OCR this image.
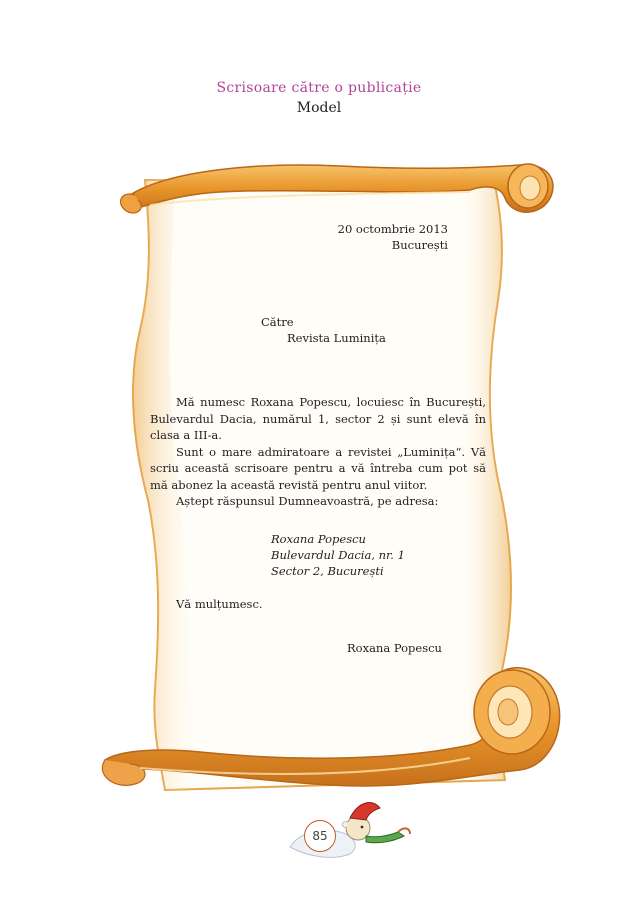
Scrisoare către o publicație
Model
20 octombrie 2013
București
Către
Revista Luminița

Mă numesc Roxana Popescu, locuiesc în București, Bulevardul Dacia, numărul 1, sector 2 și sunt elevă în clasa a III-a.

Sunt o mare admiratoare a revistei „Luminița“. Vă scriu această scrisoare pentru a vă întreba cum pot să mă abonez la această revistă pentru anul viitor.

Aștept răspunsul Dumneavoastră, pe adresa:

Roxana Popescu
Bulevardul Dacia, nr. 1
Sector 2, București
Vă mulțumesc.
Roxana Popescu
85
